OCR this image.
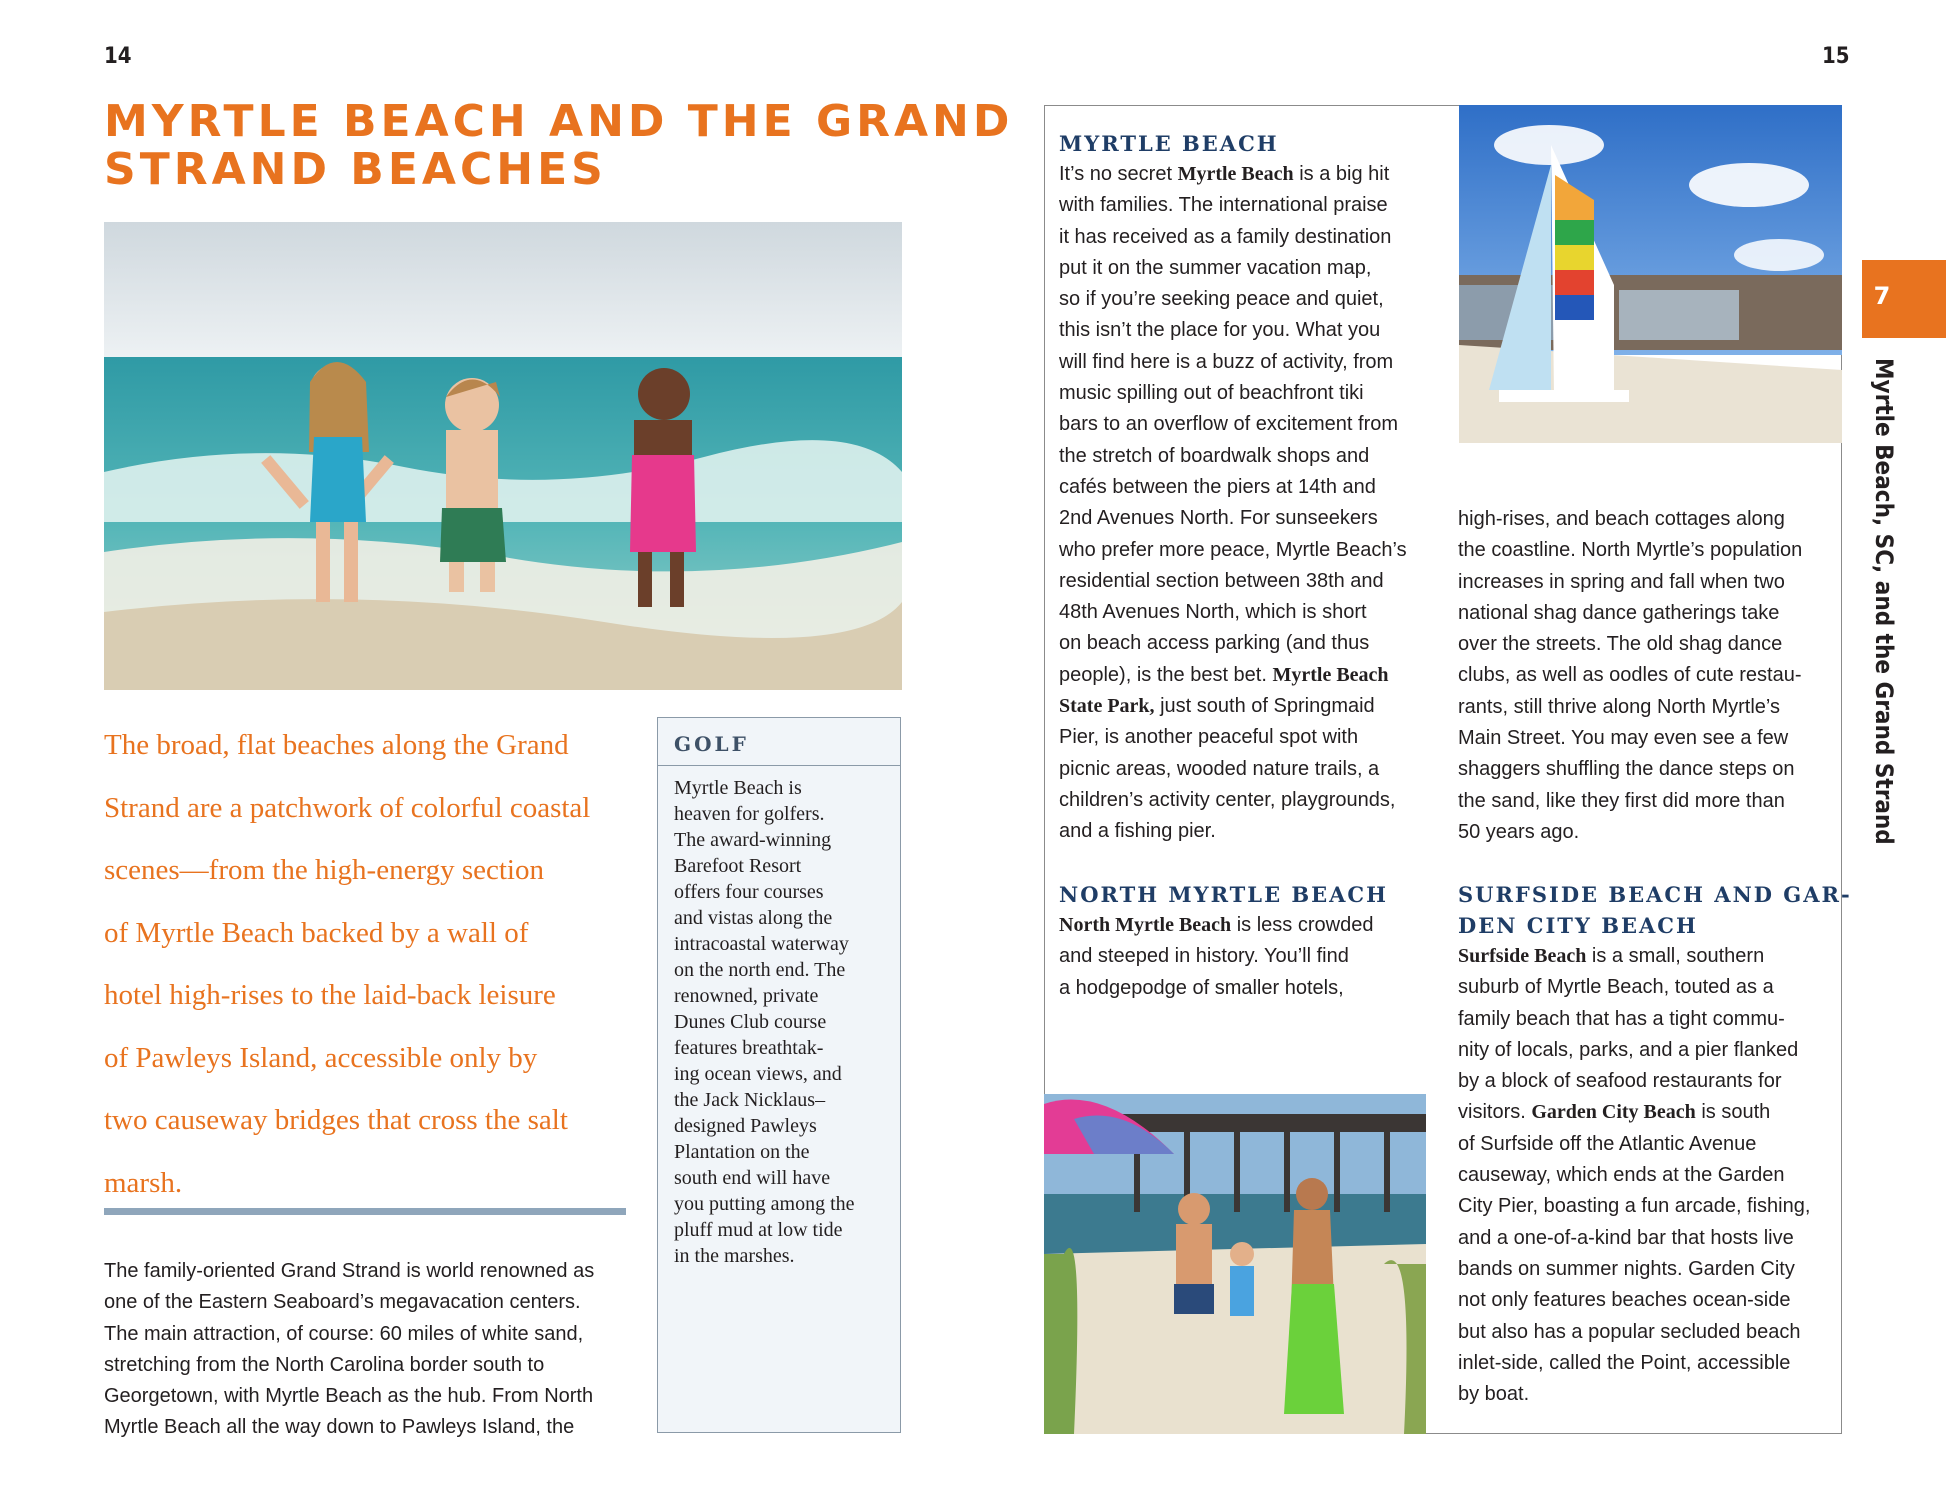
14
MYRTLE BEACH AND THE GRAND
STRAND BEACHES
The broad, flat beaches along the Grand
Strand are a patchwork of colorful coastal
scenes—from the high-energy section
of Myrtle Beach backed by a wall of
hotel high-rises to the laid-back leisure
of Pawleys Island, accessible only by
two causeway bridges that cross the salt
marsh.
The family-oriented Grand Strand is world renowned as
one of the Eastern Seaboard’s megavacation centers.
The main attraction, of course: 60 miles of white sand,
stretching from the North Carolina border south to
Georgetown, with Myrtle Beach as the hub. From North
Myrtle Beach all the way down to Pawleys Island, the
GOLF
Myrtle Beach is
heaven for golfers.
The award-winning
Barefoot Resort
offers four courses
and vistas along the
intracoastal waterway
on the north end. The
renowned, private
Dunes Club course
features breathtak-
ing ocean views, and
the Jack Nicklaus–
designed Pawleys
Plantation on the
south end will have
you putting among the
pluff mud at low tide
in the marshes.
15
MYRTLE BEACH
It’s no secret Myrtle Beach is a big hit
with families. The international praise
it has received as a family destination
put it on the summer vacation map,
so if you’re seeking peace and quiet,
this isn’t the place for you. What you
will find here is a buzz of activity, from
music spilling out of beachfront tiki
bars to an overflow of excitement from
the stretch of boardwalk shops and
cafés between the piers at 14th and
2nd Avenues North. For sunseekers
who prefer more peace, Myrtle Beach’s
residential section between 38th and
48th Avenues North, which is short
on beach access parking (and thus
people), is the best bet. Myrtle Beach
State Park, just south of Springmaid
Pier, is another peaceful spot with
picnic areas, wooded nature trails, a
children’s activity center, playgrounds,
and a fishing pier.
NORTH MYRTLE BEACH
North Myrtle Beach is less crowded
and steeped in history. You’ll find
a hodgepodge of smaller hotels,
high-rises, and beach cottages along
the coastline. North Myrtle’s population
increases in spring and fall when two
national shag dance gatherings take
over the streets. The old shag dance
clubs, as well as oodles of cute restau-
rants, still thrive along North Myrtle’s
Main Street. You may even see a few
shaggers shuffling the dance steps on
the sand, like they first did more than
50 years ago.
SURFSIDE BEACH AND GAR-
DEN CITY BEACH
Surfside Beach is a small, southern
suburb of Myrtle Beach, touted as a
family beach that has a tight commu-
nity of locals, parks, and a pier flanked
by a block of seafood restaurants for
visitors. Garden City Beach is south
of Surfside off the Atlantic Avenue
causeway, which ends at the Garden
City Pier, boasting a fun arcade, fishing,
and a one-of-a-kind bar that hosts live
bands on summer nights. Garden City
not only features beaches ocean-side
but also has a popular secluded beach
inlet-side, called the Point, accessible
by boat.
7
Myrtle Beach, SC, and the Grand Strand
